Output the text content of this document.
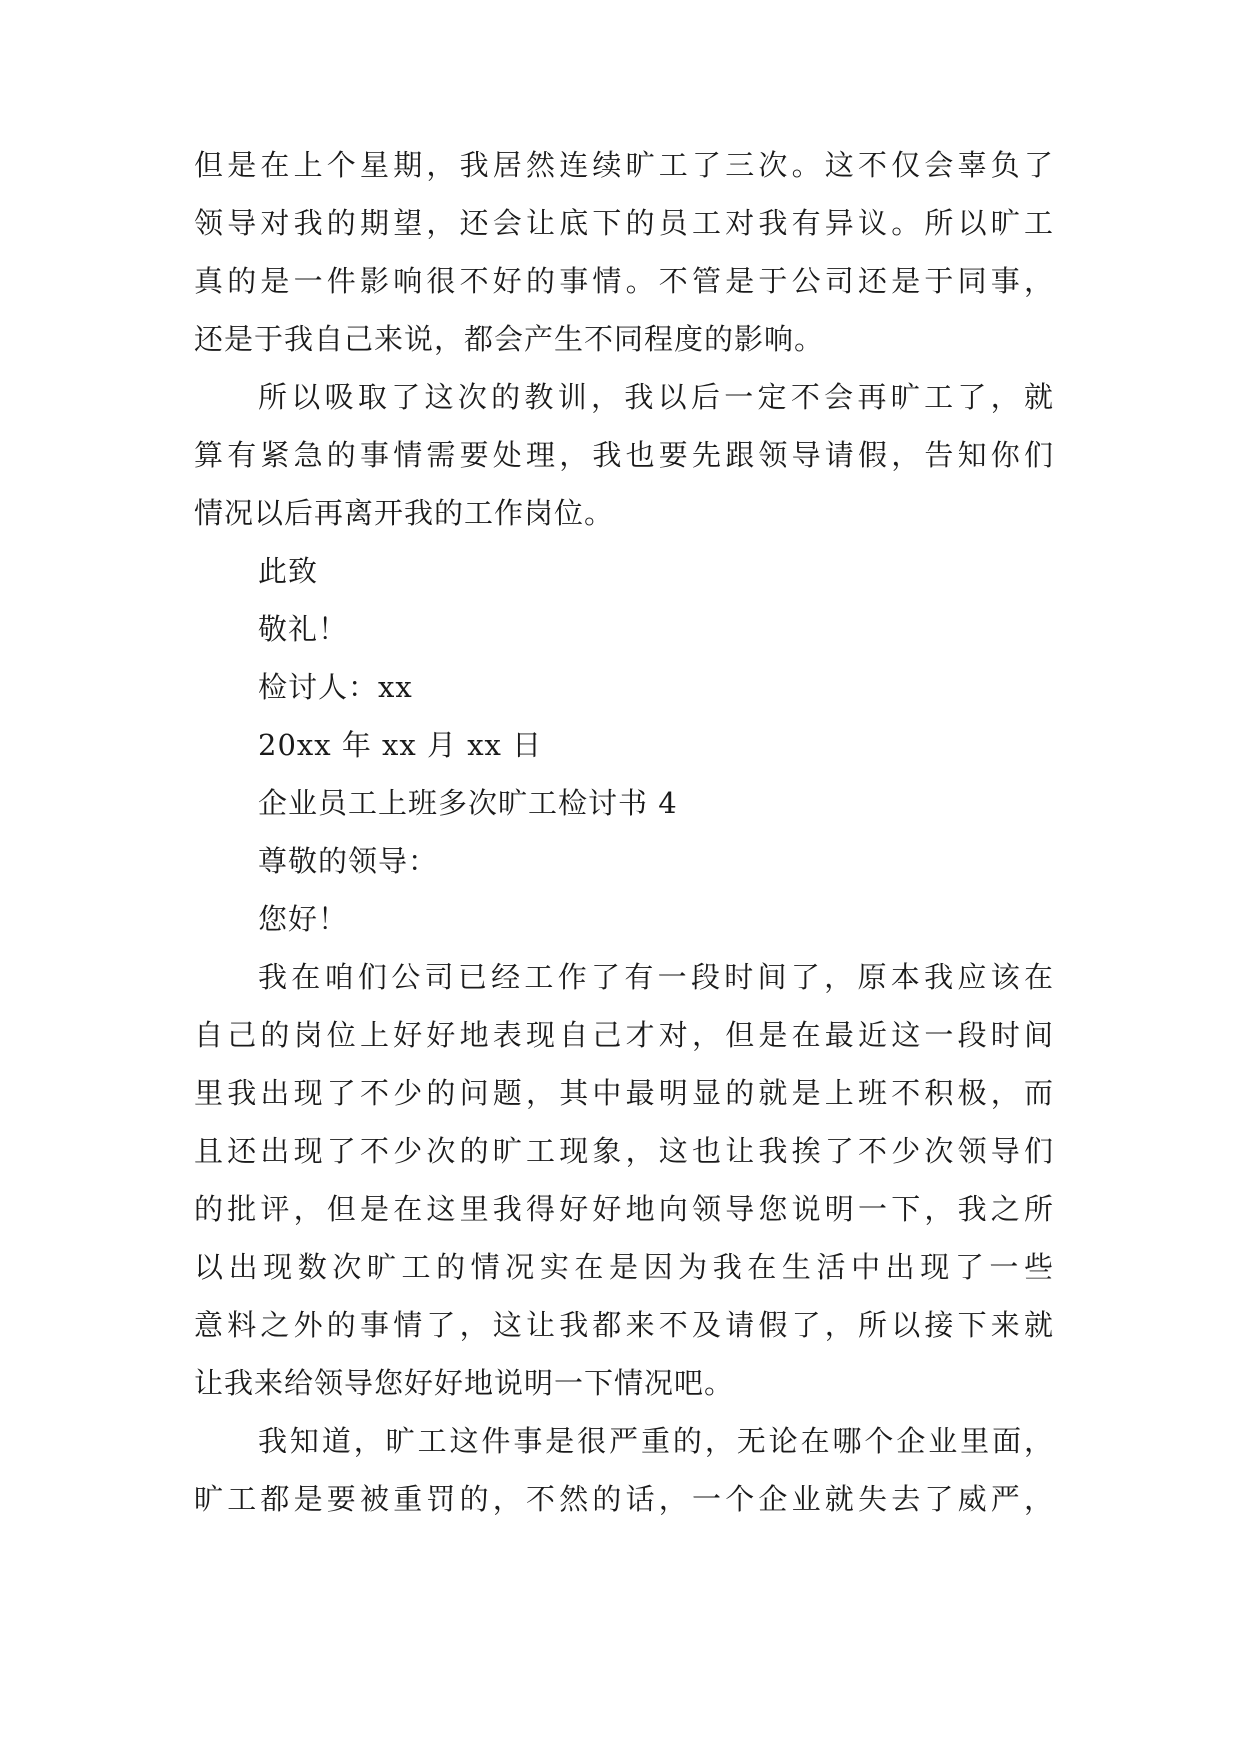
但是在上个星期，我居然连续旷工了三次。这不仅会辜负了
领导对我的期望，还会让底下的员工对我有异议。所以旷工
真的是一件影响很不好的事情。不管是于公司还是于同事，
还是于我自己来说，都会产生不同程度的影响。
所以吸取了这次的教训，我以后一定不会再旷工了，就
算有紧急的事情需要处理，我也要先跟领导请假，告知你们
情况以后再离开我的工作岗位。
此致
敬礼！
检讨人：xx
20xx 年 xx 月 xx 日
企业员工上班多次旷工检讨书 4
尊敬的领导：
您好！
我在咱们公司已经工作了有一段时间了，原本我应该在
自己的岗位上好好地表现自己才对，但是在最近这一段时间
里我出现了不少的问题，其中最明显的就是上班不积极，而
且还出现了不少次的旷工现象，这也让我挨了不少次领导们
的批评，但是在这里我得好好地向领导您说明一下，我之所
以出现数次旷工的情况实在是因为我在生活中出现了一些
意料之外的事情了，这让我都来不及请假了，所以接下来就
让我来给领导您好好地说明一下情况吧。
我知道，旷工这件事是很严重的，无论在哪个企业里面，
旷工都是要被重罚的，不然的话，一个企业就失去了威严，
